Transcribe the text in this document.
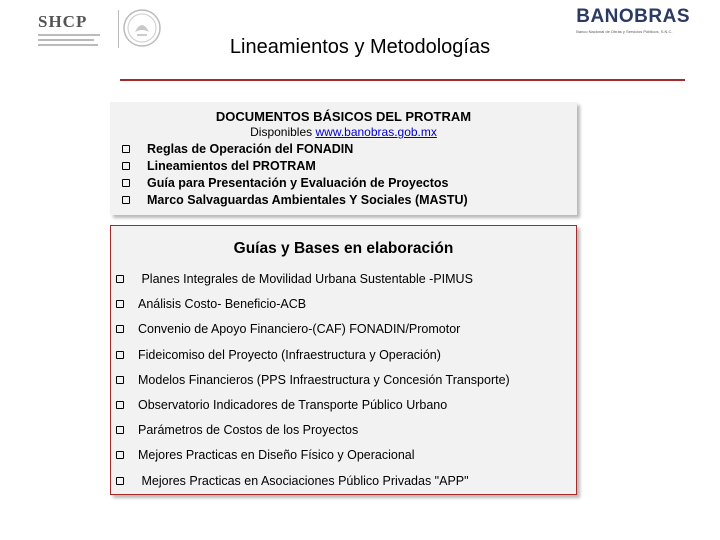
SHCP	BANOBRAS
Banco Nacional de Obras y Servicios Públicos, S.N.C.
Lineamientos y Metodologías
DOCUMENTOS BÁSICOS DEL PROTRAM
Disponibles www.banobras.gob.mx
Reglas de Operación del FONADIN
Lineamientos del PROTRAM
Guía para Presentación y Evaluación de Proyectos
Marco Salvaguardas Ambientales Y Sociales (MASTU)
Guías y Bases en elaboración
Planes Integrales de Movilidad Urbana Sustentable -PIMUS
Análisis Costo- Beneficio-ACB
Convenio de Apoyo Financiero-(CAF) FONADIN/Promotor
Fideicomiso del Proyecto (Infraestructura y Operación)
Modelos Financieros (PPS Infraestructura y Concesión Transporte)
Observatorio Indicadores de Transporte Público Urbano
Parámetros de Costos de los Proyectos
Mejores Practicas en Diseño Físico y Operacional
Mejores Practicas en Asociaciones Público Privadas "APP"
